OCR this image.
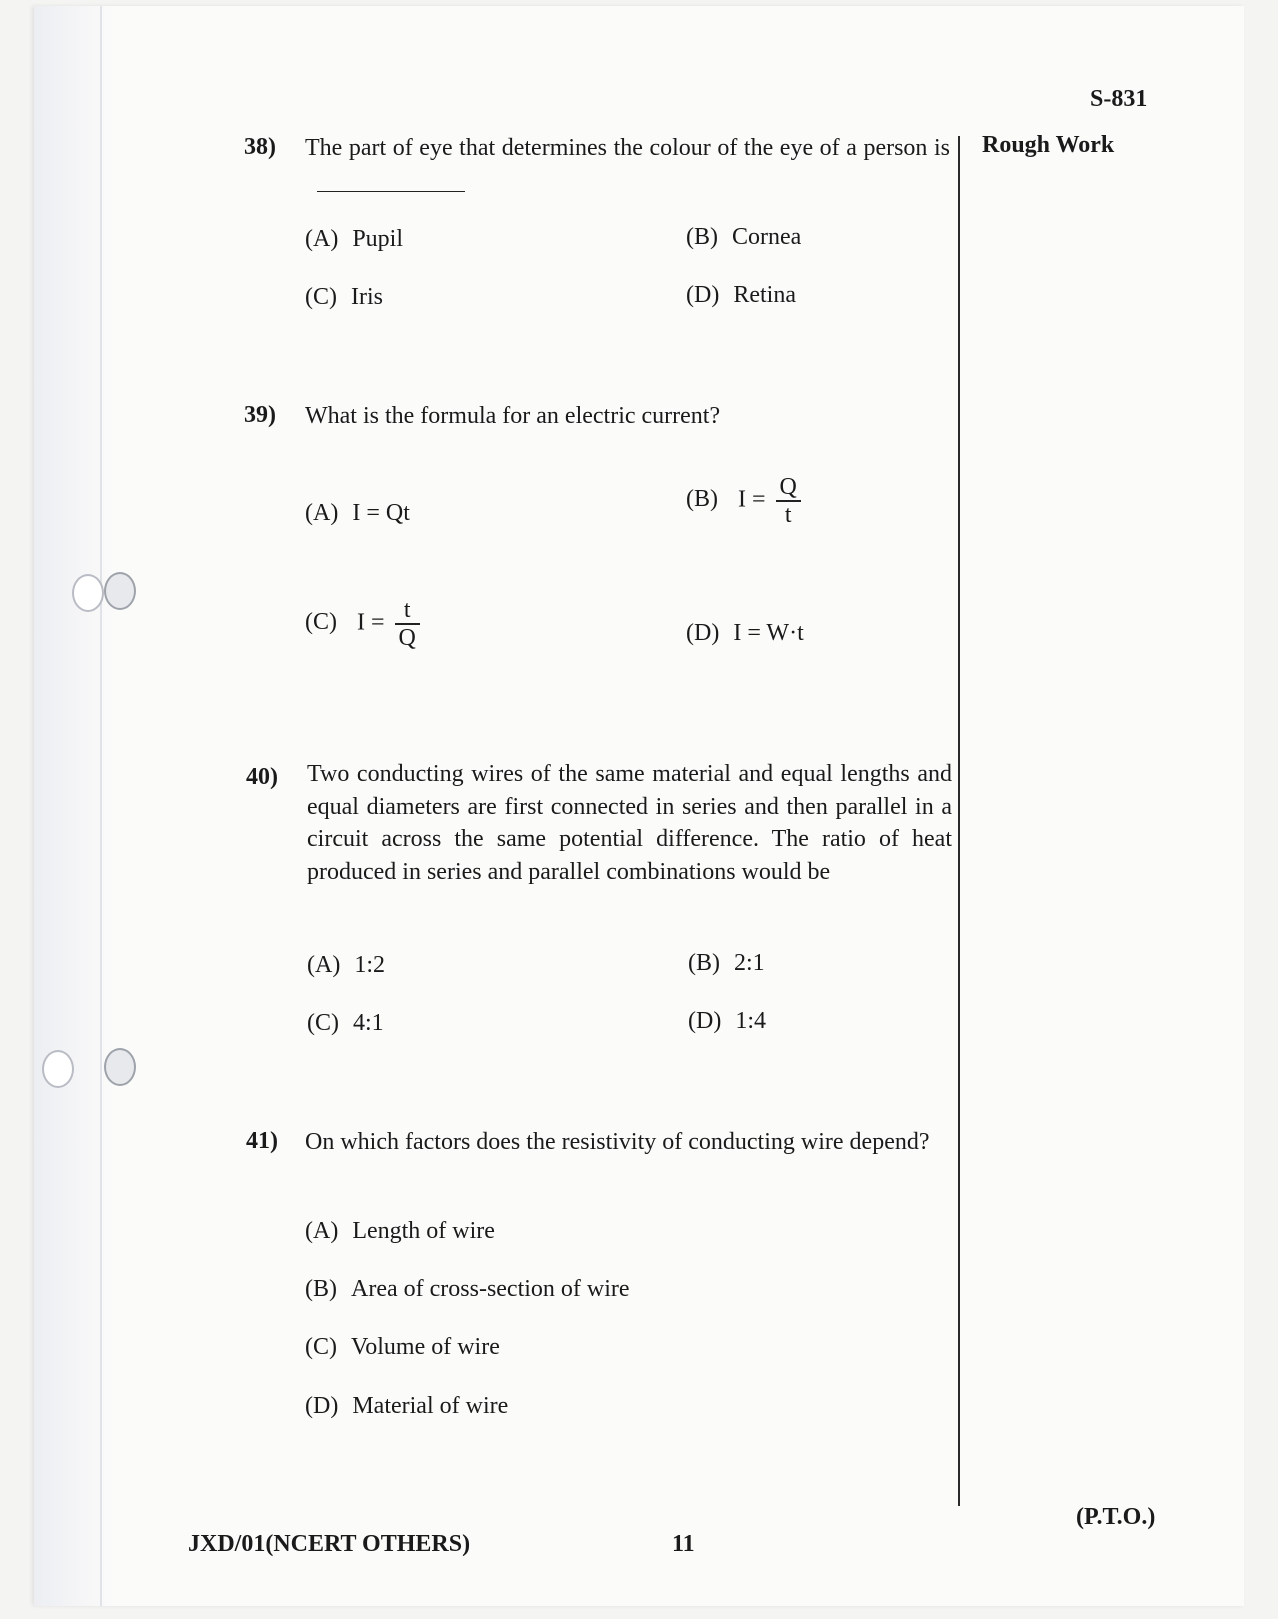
S-831
Rough Work
38) The part of eye that determines the colour of the eye of a person is
(A) Pupil	(B) Cornea
(C) Iris	(D) Retina
39) What is the formula for an electric current?
(A) I = Qt
(B) $I = \frac{Q}{t}$
(C) $I = \frac{t}{Q}$	(D) I = W·t
40) Two conducting wires of the same material and equal lengths and equal diameters are first connected in series and then parallel in a circuit across the same potential difference. The ratio of heat produced in series and parallel combinations would be
(A) 1:2	(B) 2:1
(C) 4:1	(D) 1:4
41) On which factors does the resistivity of conducting wire depend?
(A) Length of wire
(B) Area of cross-section of wire
(C) Volume of wire
(D) Material of wire
(P.T.O.)
JXD/01(NCERT OTHERS)	11
